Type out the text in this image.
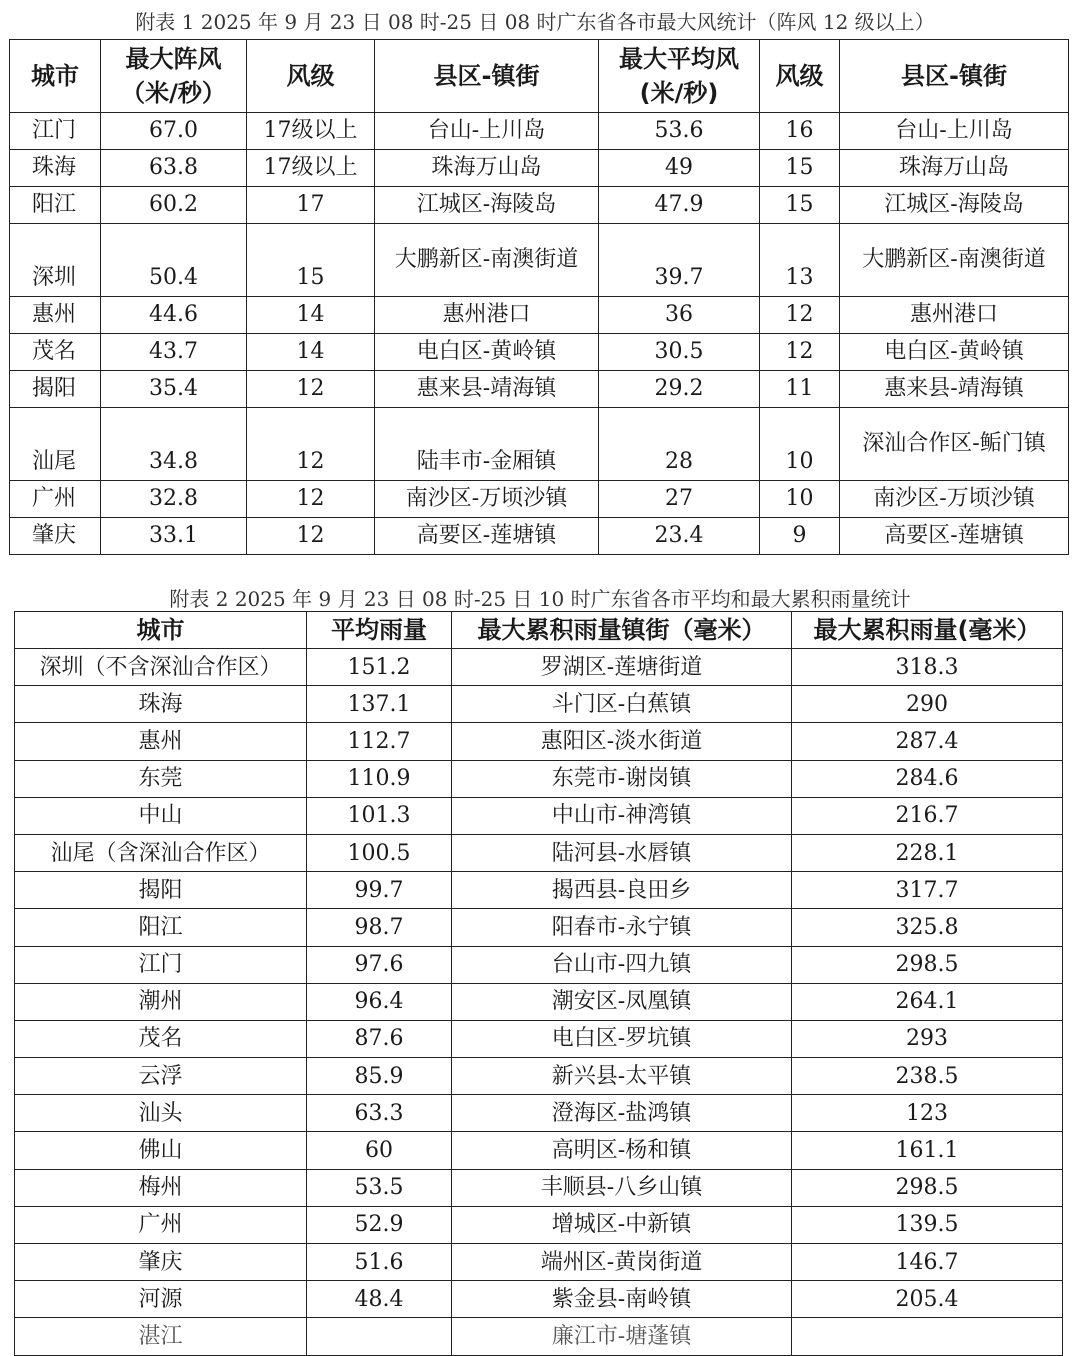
附表 1 2025 年 9 月 23 日 08 时-25 日 08 时广东省各市最大风统计（阵风 12 级以上）
城市	最大阵风（米/秒）	风级	县区-镇街	最大平均风(米/秒)	风级	县区-镇街
江门	67.0	17级以上	台山-上川岛	53.6	16	台山-上川岛
珠海	63.8	17级以上	珠海万山岛	49	15	珠海万山岛
阳江	60.2	17	江城区-海陵岛	47.9	15	江城区-海陵岛
深圳	50.4	15	大鹏新区-南澳街道	39.7	13	大鹏新区-南澳街道
惠州	44.6	14	惠州港口	36	12	惠州港口
茂名	43.7	14	电白区-黄岭镇	30.5	12	电白区-黄岭镇
揭阳	35.4	12	惠来县-靖海镇	29.2	11	惠来县-靖海镇
汕尾	34.8	12	陆丰市-金厢镇	28	10	深汕合作区-鲘门镇
广州	32.8	12	南沙区-万顷沙镇	27	10	南沙区-万顷沙镇
肇庆	33.1	12	高要区-莲塘镇	23.4	9	高要区-莲塘镇
附表 2 2025 年 9 月 23 日 08 时-25 日 10 时广东省各市平均和最大累积雨量统计
城市	平均雨量	最大累积雨量镇街（毫米）	最大累积雨量(毫米）
深圳（不含深汕合作区）	151.2	罗湖区-莲塘街道	318.3
珠海	137.1	斗门区-白蕉镇	290
惠州	112.7	惠阳区-淡水街道	287.4
东莞	110.9	东莞市-谢岗镇	284.6
中山	101.3	中山市-神湾镇	216.7
汕尾（含深汕合作区）	100.5	陆河县-水唇镇	228.1
揭阳	99.7	揭西县-良田乡	317.7
阳江	98.7	阳春市-永宁镇	325.8
江门	97.6	台山市-四九镇	298.5
潮州	96.4	潮安区-凤凰镇	264.1
茂名	87.6	电白区-罗坑镇	293
云浮	85.9	新兴县-太平镇	238.5
汕头	63.3	澄海区-盐鸿镇	123
佛山	60	高明区-杨和镇	161.1
梅州	53.5	丰顺县-八乡山镇	298.5
广州	52.9	增城区-中新镇	139.5
肇庆	51.6	端州区-黄岗街道	146.7
河源	48.4	紫金县-南岭镇	205.4
湛江		廉江市-塘蓬镇	
